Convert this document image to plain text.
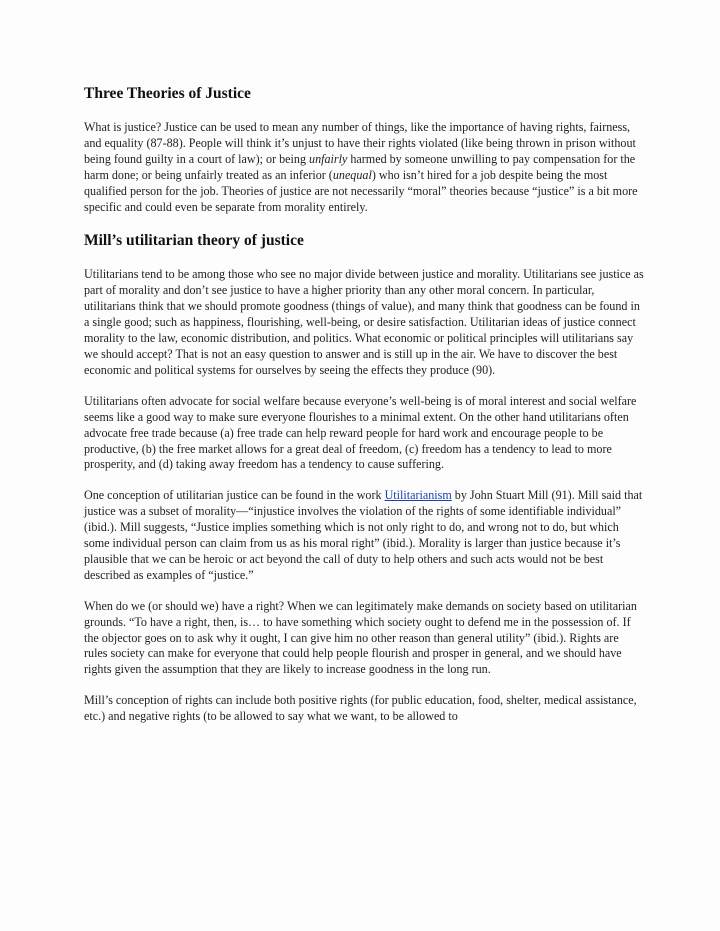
Three Theories of Justice

What is justice? Justice can be used to mean any number of things, like the importance of having rights, fairness, and equality (87-88). People will think it’s unjust to have their rights violated (like being thrown in prison without being found guilty in a court of law); or being unfairly harmed by someone unwilling to pay compensation for the harm done; or being unfairly treated as an inferior (unequal) who isn’t hired for a job despite being the most qualified person for the job. Theories of justice are not necessarily “moral” theories because “justice” is a bit more specific and could even be separate from morality entirely.

Mill’s utilitarian theory of justice

Utilitarians tend to be among those who see no major divide between justice and morality. Utilitarians see justice as part of morality and don’t see justice to have a higher priority than any other moral concern. In particular, utilitarians think that we should promote goodness (things of value), and many think that goodness can be found in a single good; such as happiness, flourishing, well-being, or desire satisfaction. Utilitarian ideas of justice connect morality to the law, economic distribution, and politics. What economic or political principles will utilitarians say we should accept? That is not an easy question to answer and is still up in the air. We have to discover the best economic and political systems for ourselves by seeing the effects they produce (90).

Utilitarians often advocate for social welfare because everyone’s well-being is of moral interest and social welfare seems like a good way to make sure everyone flourishes to a minimal extent. On the other hand utilitarians often advocate free trade because (a) free trade can help reward people for hard work and encourage people to be productive, (b) the free market allows for a great deal of freedom, (c) freedom has a tendency to lead to more prosperity, and (d) taking away freedom has a tendency to cause suffering.

One conception of utilitarian justice can be found in the work Utilitarianism by John Stuart Mill (91). Mill said that justice was a subset of morality—“injustice involves the violation of the rights of some identifiable individual” (ibid.). Mill suggests, “Justice implies something which is not only right to do, and wrong not to do, but which some individual person can claim from us as his moral right” (ibid.). Morality is larger than justice because it’s plausible that we can be heroic or act beyond the call of duty to help others and such acts would not be best described as examples of “justice.”

When do we (or should we) have a right? When we can legitimately make demands on society based on utilitarian grounds. “To have a right, then, is… to have something which society ought to defend me in the possession of. If the objector goes on to ask why it ought, I can give him no other reason than general utility” (ibid.). Rights are rules society can make for everyone that could help people flourish and prosper in general, and we should have rights given the assumption that they are likely to increase goodness in the long run.

Mill’s conception of rights can include both positive rights (for public education, food, shelter, medical assistance, etc.) and negative rights (to be allowed to say what we want, to be allowed to
